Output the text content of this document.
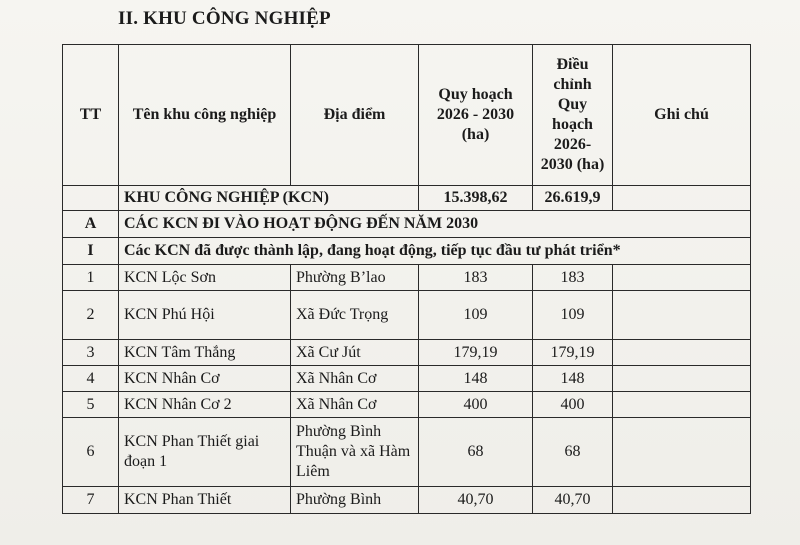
II. KHU CÔNG NGHIỆP
TT	Tên khu công nghiệp	Địa điểm	Quy hoạch 2026 - 2030 (ha)	Điều chỉnh Quy hoạch 2026-2030 (ha)	Ghi chú
	KHU CÔNG NGHIỆP (KCN)		15.398,62	26.619,9	
A	CÁC KCN ĐI VÀO HOẠT ĐỘNG ĐẾN NĂM 2030				
I	Các KCN đã được thành lập, đang hoạt động, tiếp tục đầu tư phát triển*				
1	KCN Lộc Sơn	Phường B’lao	183	183	
2	KCN Phú Hội	Xã Đức Trọng	109	109	
3	KCN Tâm Thắng	Xã Cư Jút	179,19	179,19	
4	KCN Nhân Cơ	Xã Nhân Cơ	148	148	
5	KCN Nhân Cơ 2	Xã Nhân Cơ	400	400	
6	KCN Phan Thiết giai đoạn 1	Phường Bình Thuận và xã Hàm Liêm	68	68	
7	KCN Phan Thiết	Phường Bình	40,70	40,70	
